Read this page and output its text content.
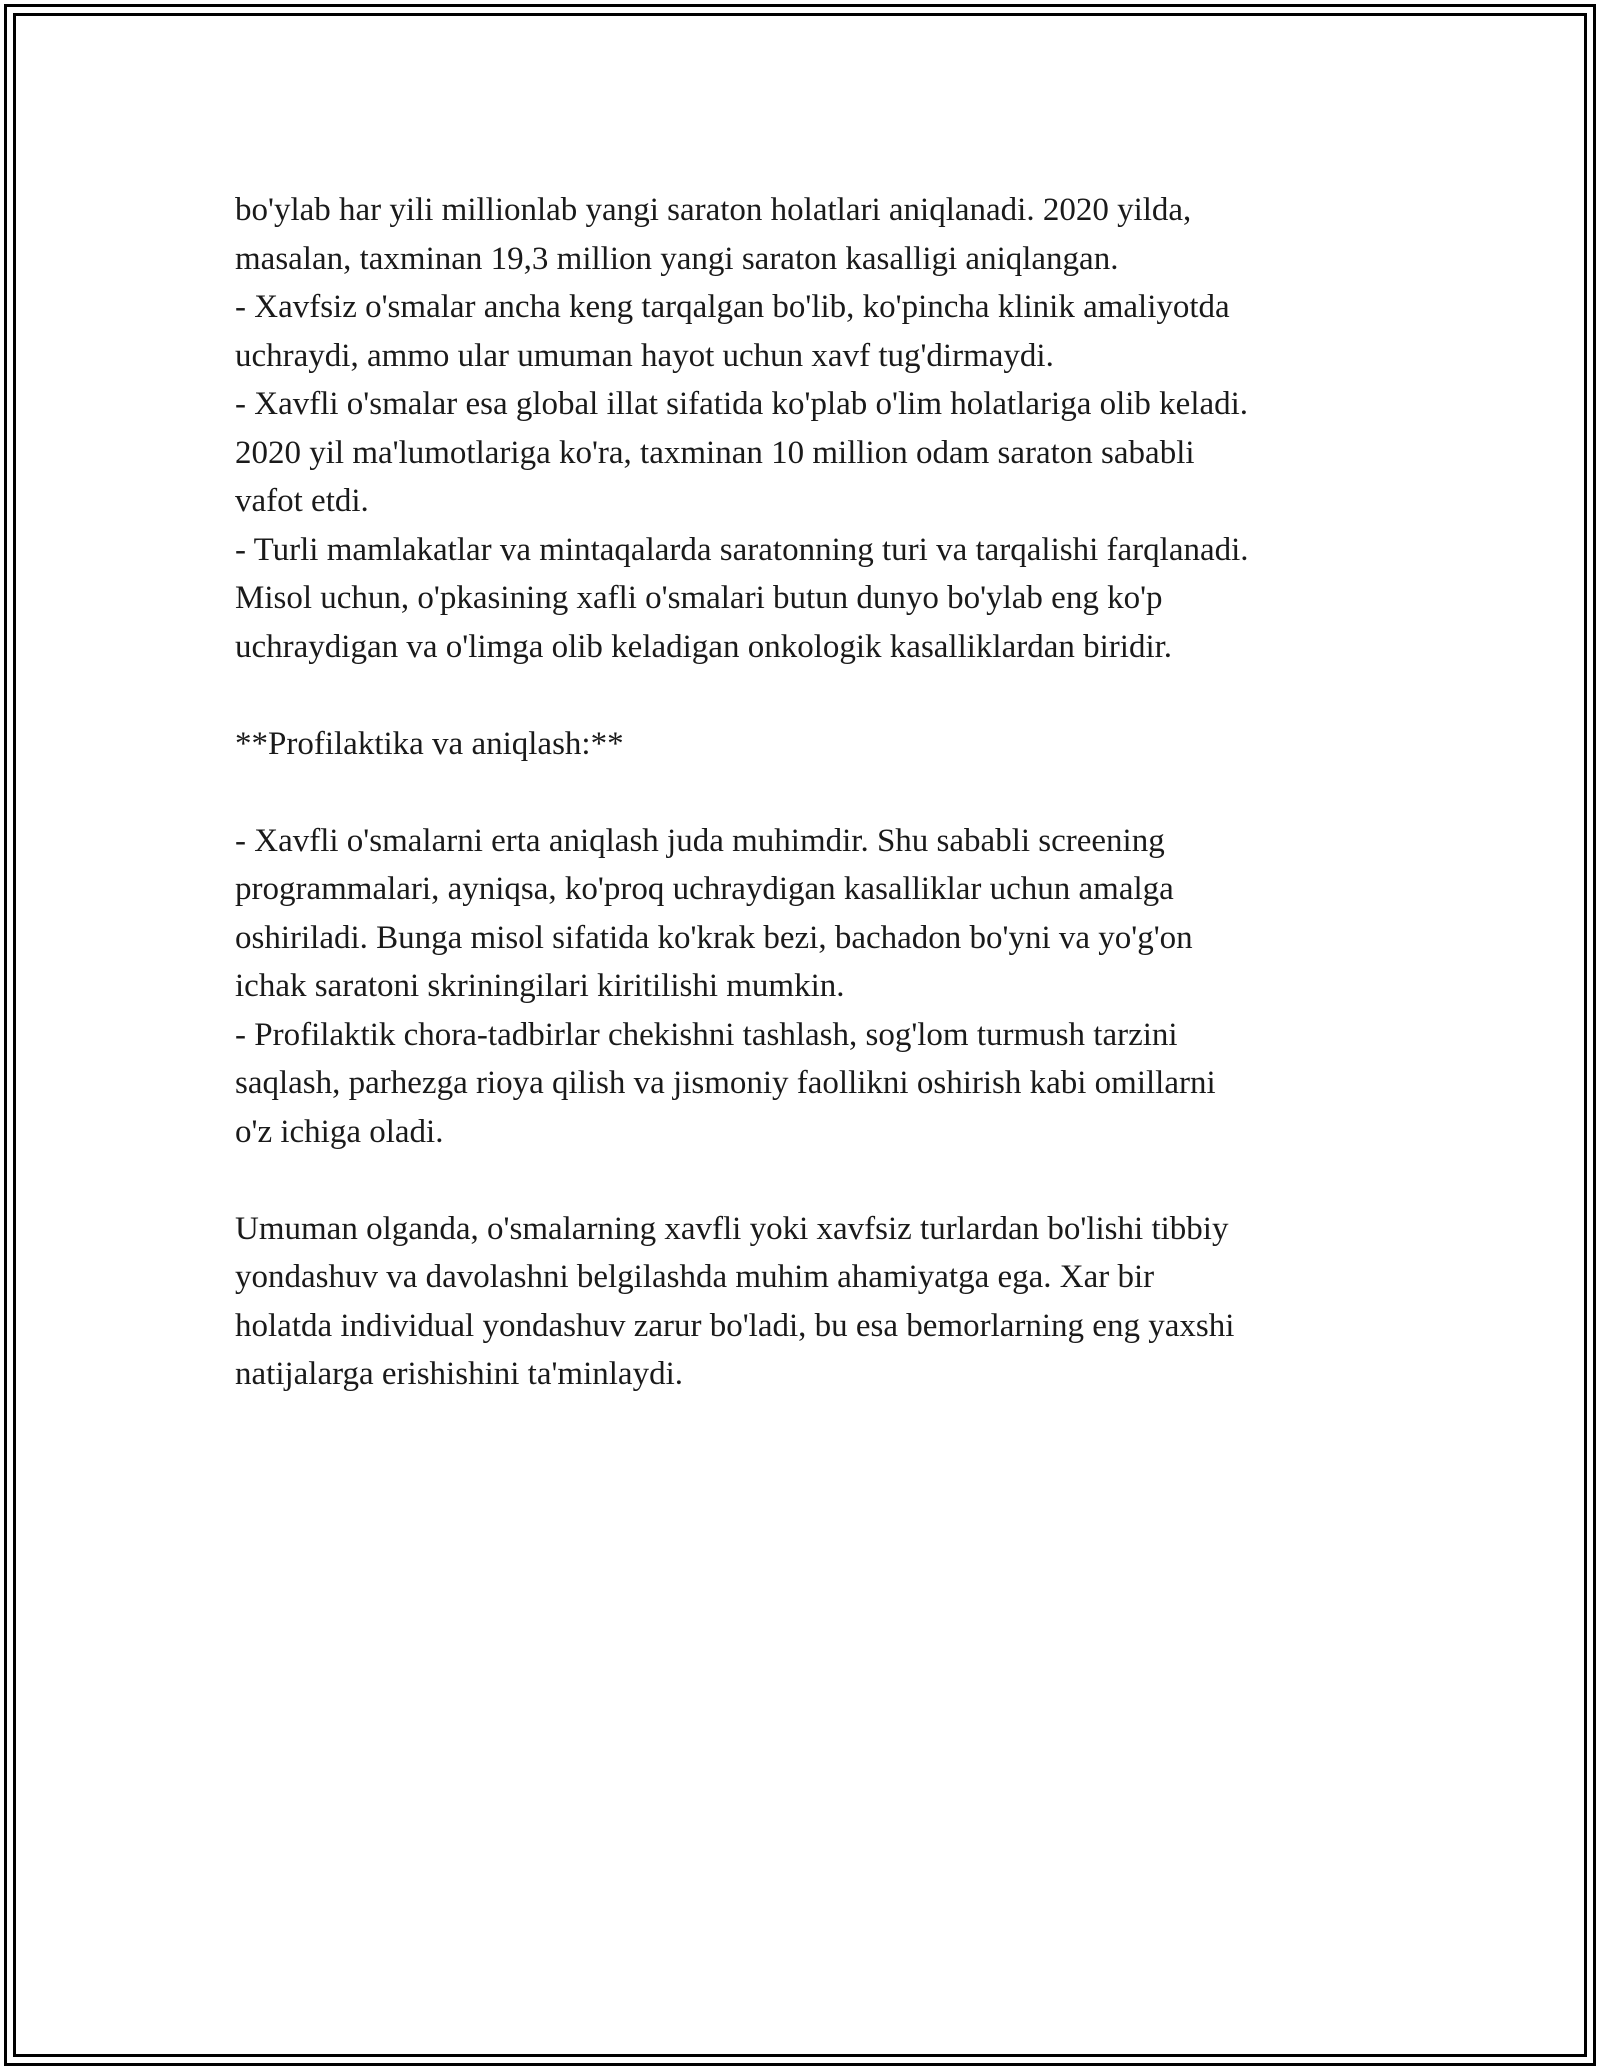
bo'ylab har yili millionlab yangi saraton holatlari aniqlanadi. 2020 yilda,

masalan, taxminan 19,3 million yangi saraton kasalligi aniqlangan.

- Xavfsiz o'smalar ancha keng tarqalgan bo'lib, ko'pincha klinik amaliyotda

uchraydi, ammo ular umuman hayot uchun xavf tug'dirmaydi.

- Xavfli o'smalar esa global illat sifatida ko'plab o'lim holatlariga olib keladi.

2020 yil ma'lumotlariga ko'ra, taxminan 10 million odam saraton sababli

vafot etdi.

- Turli mamlakatlar va mintaqalarda saratonning turi va tarqalishi farqlanadi.

Misol uchun, o'pkasining xafli o'smalari butun dunyo bo'ylab eng ko'p

uchraydigan va o'limga olib keladigan onkologik kasalliklardan biridir.

**Profilaktika va aniqlash:**

- Xavfli o'smalarni erta aniqlash juda muhimdir. Shu sababli screening

programmalari, ayniqsa, ko'proq uchraydigan kasalliklar uchun amalga

oshiriladi. Bunga misol sifatida ko'krak bezi, bachadon bo'yni va yo'g'on

ichak saratoni skriningilari kiritilishi mumkin.

- Profilaktik chora-tadbirlar chekishni tashlash, sog'lom turmush tarzini

saqlash, parhezga rioya qilish va jismoniy faollikni oshirish kabi omillarni

o'z ichiga oladi.

Umuman olganda, o'smalarning xavfli yoki xavfsiz turlardan bo'lishi tibbiy

yondashuv va davolashni belgilashda muhim ahamiyatga ega. Xar bir

holatda individual yondashuv zarur bo'ladi, bu esa bemorlarning eng yaxshi

natijalarga erishishini ta'minlaydi.
